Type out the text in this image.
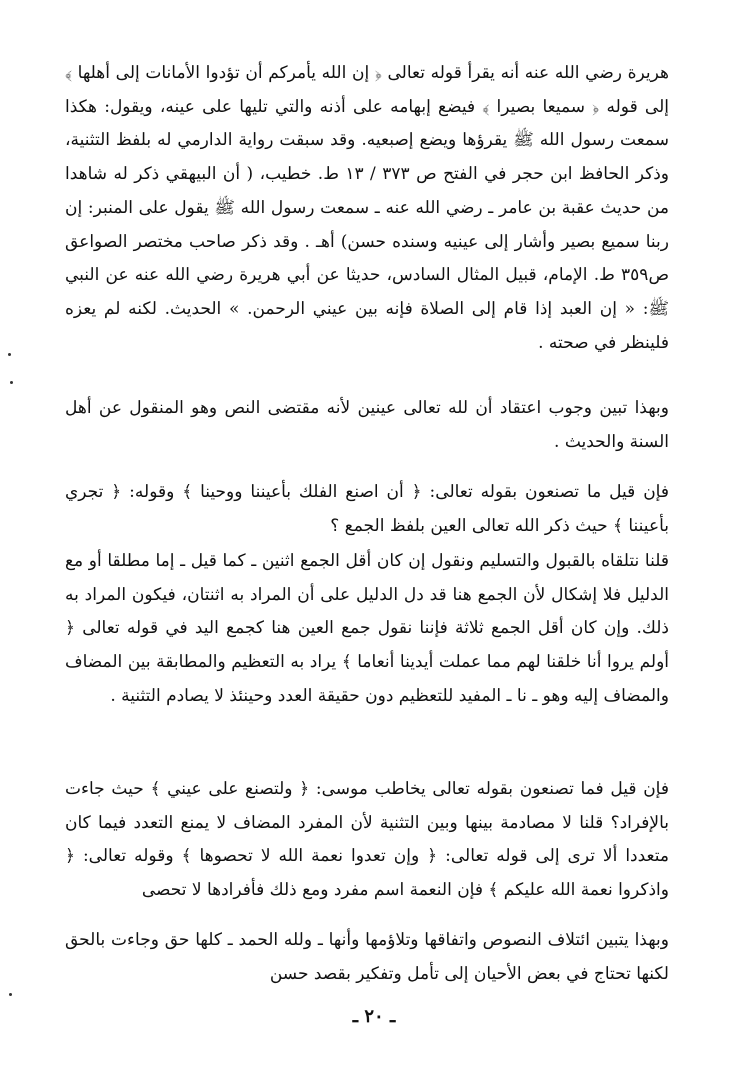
هريرة رضي الله عنه أنه يقرأ قوله تعالى ﴿ إن الله يأمركم أن تؤدوا الأمانات إلى أهلها ﴾ إلى قوله ﴿ سميعا بصيرا ﴾ فيضع إبهامه على أذنه والتي تليها على عينه، ويقول: هكذا سمعت رسول الله ﷺ يقرؤها ويضع إصبعيه. وقد سبقت رواية الدارمي له بلفظ التثنية، وذكر الحافظ ابن حجر في الفتح ص ٣٧٣ / ١٣ ط. خطيب، ( أن البيهقي ذكر له شاهدا من حديث عقبة بن عامر ـ رضي الله عنه ـ سمعت رسول الله ﷺ يقول على المنبر: إن ربنا سميع بصير وأشار إلى عينيه وسنده حسن) أهـ . وقد ذكر صاحب مختصر الصواعق ص٣٥٩ ط. الإمام، قبيل المثال السادس، حديثا عن أبي هريرة رضي الله عنه عن النبي ﷺ: « إن العبد إذا قام إلى الصلاة فإنه بين عيني الرحمن. » الحديث. لكنه لم يعزه فلينظر في صحته .

وبهذا تبين وجوب اعتقاد أن لله تعالى عينين لأنه مقتضى النص وهو المنقول عن أهل السنة والحديث .

فإن قيل ما تصنعون بقوله تعالى: ﴿ أن اصنع الفلك بأعيننا ووحينا ﴾ وقوله: ﴿ تجري بأعيننا ﴾ حيث ذكر الله تعالى العين بلفظ الجمع ؟

قلنا نتلقاه بالقبول والتسليم ونقول إن كان أقل الجمع اثنين ـ كما قيل ـ إما مطلقا أو مع الدليل فلا إشكال لأن الجمع هنا قد دل الدليل على أن المراد به اثنتان، فيكون المراد به ذلك. وإن كان أقل الجمع ثلاثة فإننا نقول جمع العين هنا كجمع اليد في قوله تعالى ﴿ أولم يروا أنا خلقنا لهم مما عملت أيدينا أنعاما ﴾ يراد به التعظيم والمطابقة بين المضاف والمضاف إليه وهو ـ نا ـ المفيد للتعظيم دون حقيقة العدد وحينئذ لا يصادم التثنية .

فإن قيل فما تصنعون بقوله تعالى يخاطب موسى: ﴿ ولتصنع على عيني ﴾ حيث جاءت بالإفراد؟ قلنا لا مصادمة بينها وبين التثنية لأن المفرد المضاف لا يمنع التعدد فيما كان متعددا ألا ترى إلى قوله تعالى: ﴿ وإن تعدوا نعمة الله لا تحصوها ﴾ وقوله تعالى: ﴿ واذكروا نعمة الله عليكم ﴾ فإن النعمة اسم مفرد ومع ذلك فأفرادها لا تحصى

وبهذا يتبين ائتلاف النصوص واتفاقها وتلاؤمها وأنها ـ ولله الحمد ـ كلها حق وجاءت بالحق لكنها تحتاج في بعض الأحيان إلى تأمل وتفكير بقصد حسن

ـ ٢٠ ـ
